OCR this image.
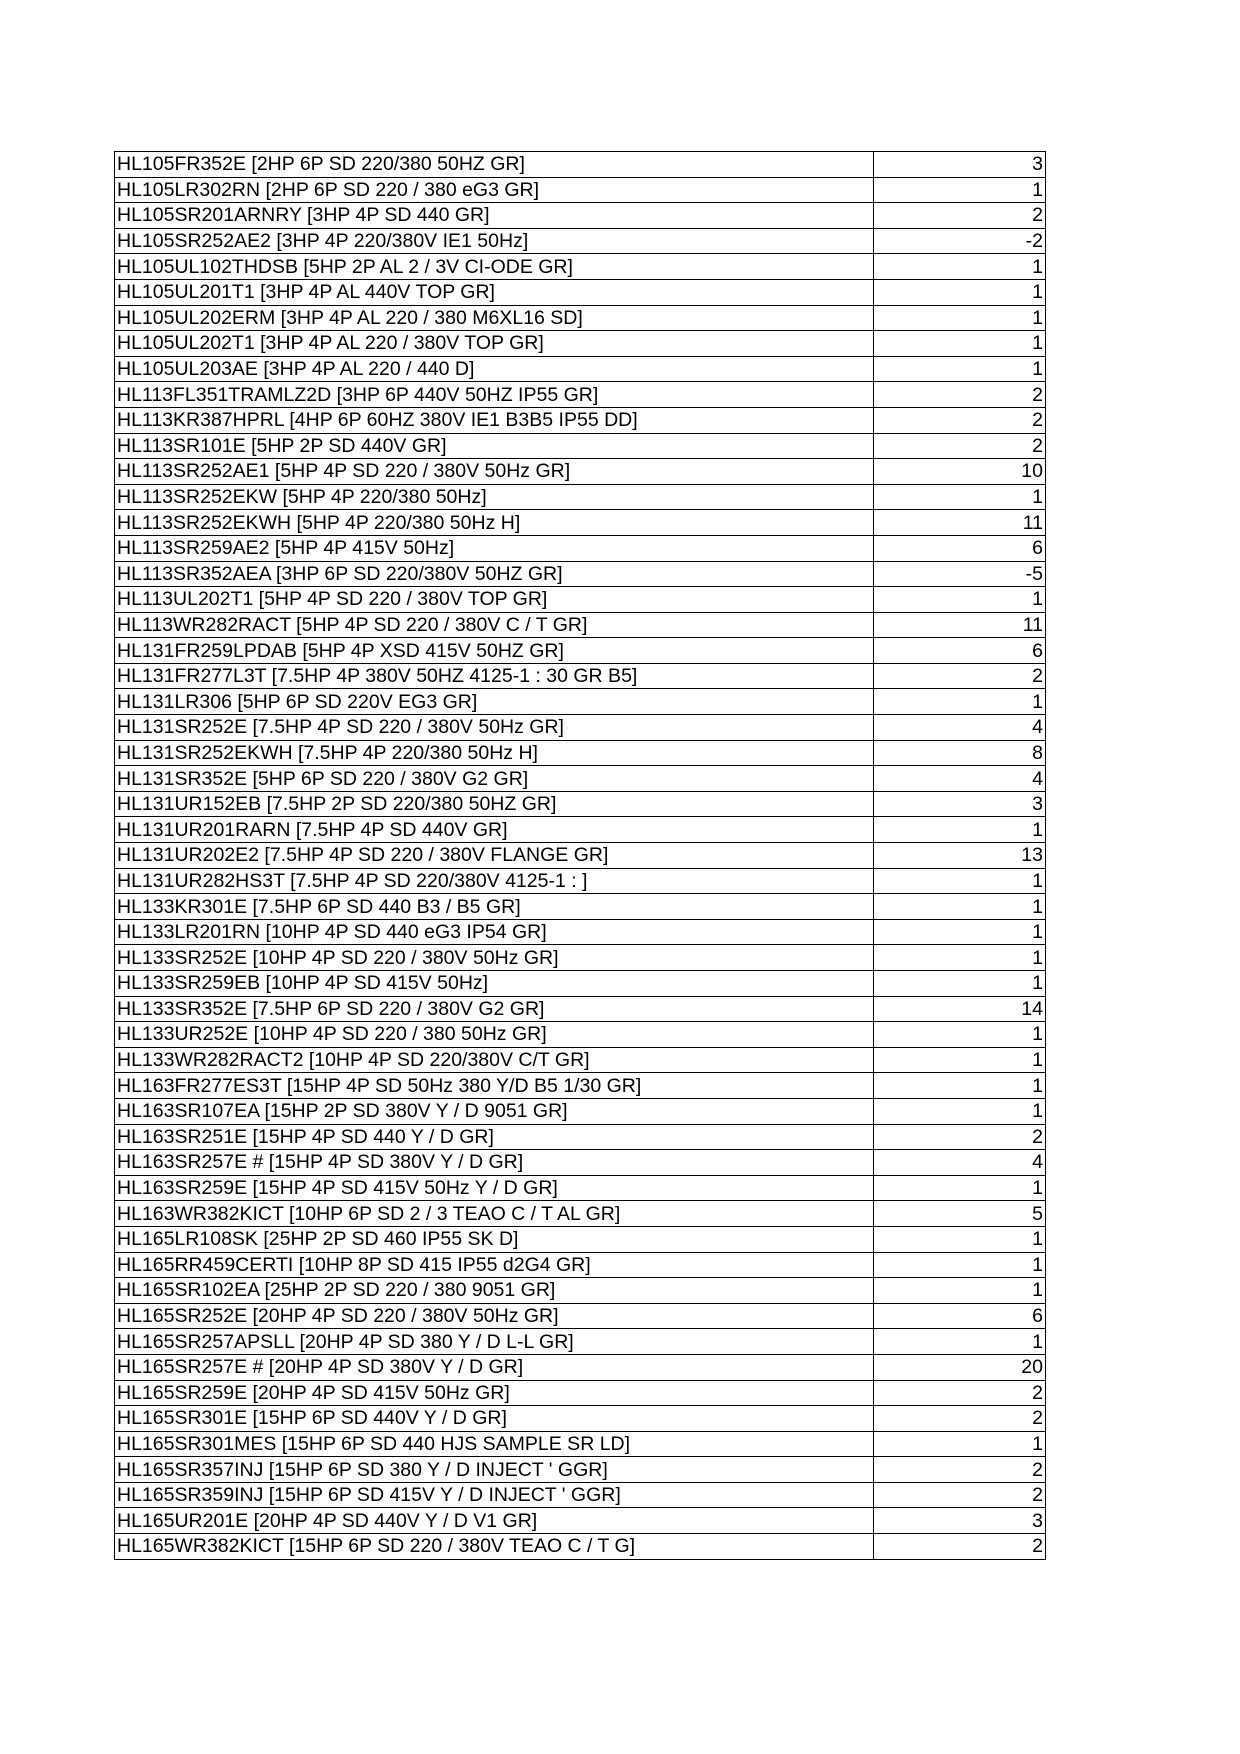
HL105FR352E [2HP 6P SD 220/380 50HZ GR]	3
HL105LR302RN [2HP 6P SD 220 / 380 eG3 GR]	1
HL105SR201ARNRY [3HP 4P SD 440 GR]	2
HL105SR252AE2 [3HP 4P 220/380V IE1 50Hz]	-2
HL105UL102THDSB [5HP 2P AL 2 / 3V CI-ODE GR]	1
HL105UL201T1 [3HP 4P AL 440V TOP GR]	1
HL105UL202ERM [3HP 4P AL 220 / 380 M6XL16 SD]	1
HL105UL202T1 [3HP 4P AL 220 / 380V TOP GR]	1
HL105UL203AE [3HP 4P AL 220 / 440 D]	1
HL113FL351TRAMLZ2D [3HP 6P 440V 50HZ IP55 GR]	2
HL113KR387HPRL [4HP 6P 60HZ 380V IE1 B3B5 IP55 DD]	2
HL113SR101E [5HP 2P SD 440V GR]	2
HL113SR252AE1 [5HP 4P SD 220 / 380V 50Hz GR]	10
HL113SR252EKW [5HP 4P 220/380 50Hz]	1
HL113SR252EKWH [5HP 4P 220/380 50Hz H]	11
HL113SR259AE2 [5HP 4P 415V 50Hz]	6
HL113SR352AEA [3HP 6P SD 220/380V 50HZ GR]	-5
HL113UL202T1 [5HP 4P SD 220 / 380V TOP GR]	1
HL113WR282RACT [5HP 4P SD 220 / 380V C / T GR]	11
HL131FR259LPDAB [5HP 4P XSD 415V 50HZ GR]	6
HL131FR277L3T [7.5HP 4P 380V 50HZ 4125-1 : 30 GR B5]	2
HL131LR306 [5HP 6P SD 220V EG3 GR]	1
HL131SR252E [7.5HP 4P SD 220 / 380V 50Hz GR]	4
HL131SR252EKWH [7.5HP 4P 220/380 50Hz H]	8
HL131SR352E [5HP 6P SD 220 / 380V G2 GR]	4
HL131UR152EB [7.5HP 2P SD 220/380 50HZ GR]	3
HL131UR201RARN [7.5HP 4P SD 440V GR]	1
HL131UR202E2 [7.5HP 4P SD 220 / 380V FLANGE GR]	13
HL131UR282HS3T [7.5HP 4P SD 220/380V 4125-1 : ]	1
HL133KR301E [7.5HP 6P SD 440 B3 / B5 GR]	1
HL133LR201RN [10HP 4P SD 440 eG3 IP54 GR]	1
HL133SR252E [10HP 4P SD 220 / 380V 50Hz GR]	1
HL133SR259EB [10HP 4P SD 415V 50Hz]	1
HL133SR352E [7.5HP 6P SD 220 / 380V G2 GR]	14
HL133UR252E [10HP 4P SD 220 / 380 50Hz GR]	1
HL133WR282RACT2 [10HP 4P SD 220/380V C/T GR]	1
HL163FR277ES3T [15HP 4P SD 50Hz 380 Y/D B5 1/30 GR]	1
HL163SR107EA [15HP 2P SD 380V Y / D 9051 GR]	1
HL163SR251E [15HP 4P SD 440 Y / D GR]	2
HL163SR257E # [15HP 4P SD 380V Y / D GR]	4
HL163SR259E [15HP 4P SD 415V 50Hz Y / D GR]	1
HL163WR382KICT [10HP 6P SD 2 / 3 TEAO C / T AL GR]	5
HL165LR108SK [25HP 2P SD 460 IP55 SK D]	1
HL165RR459CERTI [10HP 8P SD 415 IP55 d2G4 GR]	1
HL165SR102EA [25HP 2P SD 220 / 380 9051 GR]	1
HL165SR252E [20HP 4P SD 220 / 380V 50Hz GR]	6
HL165SR257APSLL [20HP 4P SD 380 Y / D L-L GR]	1
HL165SR257E # [20HP 4P SD 380V Y / D GR]	20
HL165SR259E [20HP 4P SD 415V 50Hz GR]	2
HL165SR301E [15HP 6P SD 440V Y / D GR]	2
HL165SR301MES [15HP 6P SD 440 HJS SAMPLE SR LD]	1
HL165SR357INJ [15HP 6P SD 380 Y / D INJECT ' GGR]	2
HL165SR359INJ [15HP 6P SD 415V Y / D INJECT ' GGR]	2
HL165UR201E [20HP 4P SD 440V Y / D V1 GR]	3
HL165WR382KICT [15HP 6P SD 220 / 380V TEAO C / T G]	2
